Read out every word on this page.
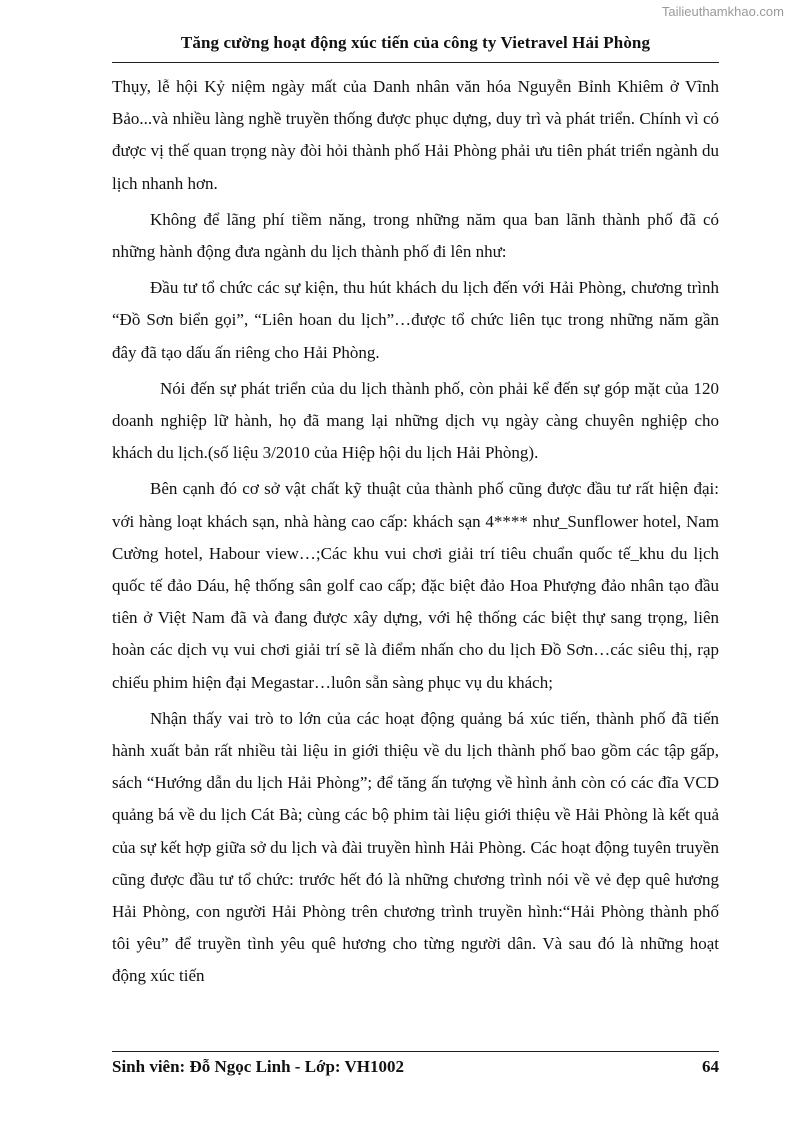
Tailieuthamkhao.com

Tăng cường hoạt động xúc tiến của công ty Vietravel Hải Phòng

Thụy, lễ hội Kỷ niệm ngày mất của Danh nhân văn hóa Nguyễn Bỉnh Khiêm ở Vĩnh Bảo...và nhiều làng nghề truyền thống được phục dựng, duy trì và phát triển. Chính vì có được vị thế quan trọng này đòi hỏi thành phố Hải Phòng phải ưu tiên phát triển ngành du lịch nhanh hơn.

Không để lãng phí tiềm năng, trong những năm qua ban lãnh thành phố đã có những hành động đưa ngành du lịch thành phố đi lên như:

Đầu tư tổ chức các sự kiện, thu hút khách du lịch đến với Hải Phòng, chương trình “Đồ Sơn biển gọi”, “Liên hoan du lịch”…được tổ chức liên tục trong những năm gần đây đã tạo dấu ấn riêng cho Hải Phòng.

Nói đến sự phát triển của du lịch thành phố, còn phải kể đến sự góp mặt của 120 doanh nghiệp lữ hành, họ đã mang lại những dịch vụ ngày càng chuyên nghiệp cho khách du lịch.(số liệu 3/2010 của Hiệp hội du lịch Hải Phòng).

Bên cạnh đó cơ sở vật chất kỹ thuật của thành phố cũng được đầu tư rất hiện đại: với hàng loạt khách sạn, nhà hàng cao cấp: khách sạn 4**** như_Sunflower hotel, Nam Cường hotel, Habour view…;Các khu vui chơi giải trí tiêu chuẩn quốc tế_khu du lịch quốc tế đảo Dáu, hệ thống sân golf cao cấp; đặc biệt đảo Hoa Phượng đảo nhân tạo đầu tiên ở Việt Nam đã và đang được xây dựng, với hệ thống các biệt thự sang trọng, liên hoàn các dịch vụ vui chơi giải trí sẽ là điểm nhấn cho du lịch Đồ Sơn…các siêu thị, rạp chiếu phim hiện đại Megastar…luôn sẵn sàng phục vụ du khách;

Nhận thấy vai trò to lớn của các hoạt động quảng bá xúc tiến, thành phố đã tiến hành xuất bản rất nhiều tài liệu in giới thiệu về du lịch thành phố bao gồm các tập gấp, sách “Hướng dẫn du lịch Hải Phòng”; để tăng ấn tượng về hình ảnh còn có các đĩa VCD quảng bá về du lịch Cát Bà; cùng các bộ phim tài liệu giới thiệu về Hải Phòng là kết quả của sự kết hợp giữa sở du lịch và đài truyền hình Hải Phòng. Các hoạt động tuyên truyền cũng được đầu tư tổ chức: trước hết đó là những chương trình nói về vẻ đẹp quê hương Hải Phòng, con người Hải Phòng trên chương trình truyền hình:“Hải Phòng thành phố tôi yêu” để truyền tình yêu quê hương cho từng người dân. Và sau đó là những hoạt động xúc tiến

Sinh viên: Đỗ Ngọc Linh - Lớp: VH1002	64
